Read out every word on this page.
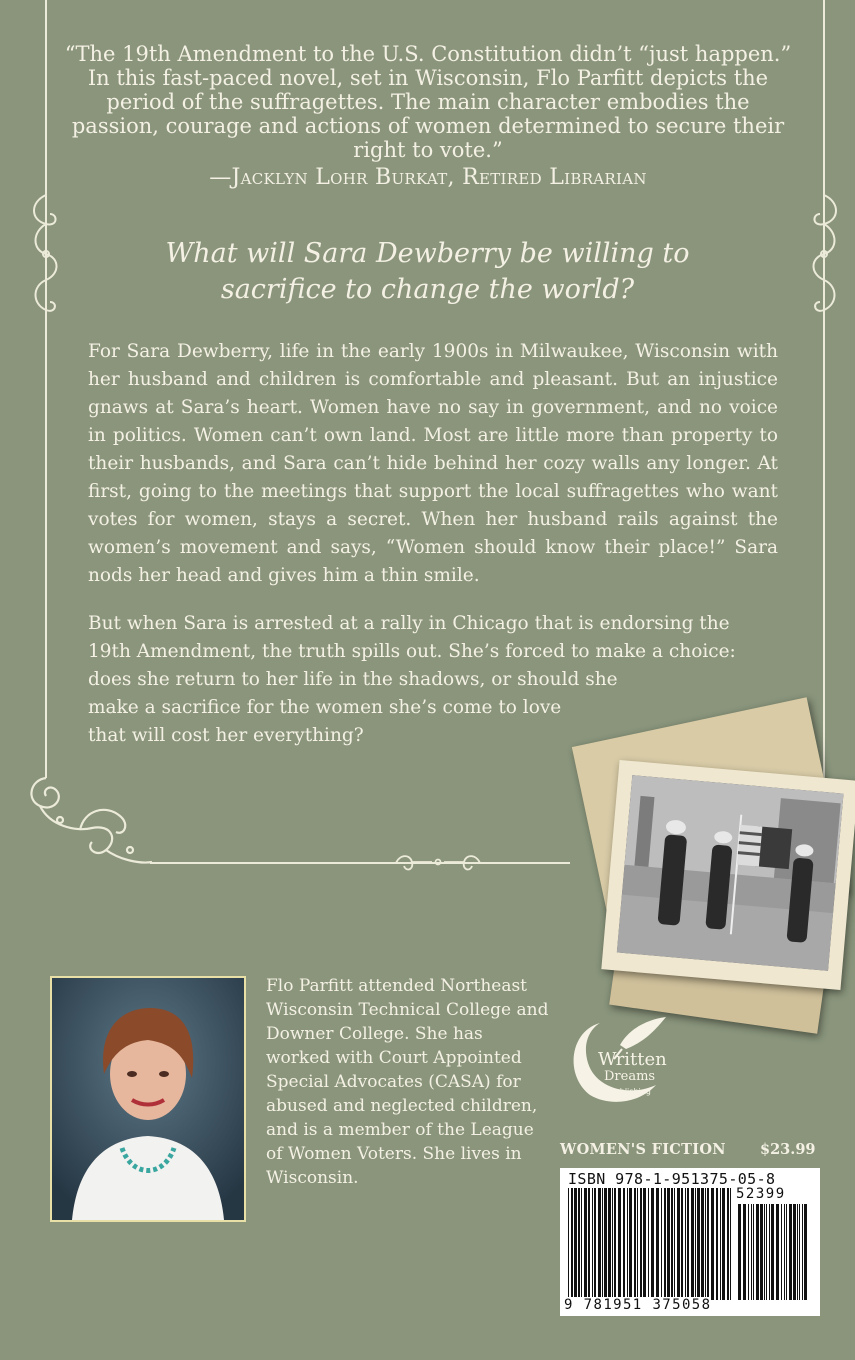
“The 19th Amendment to the U.S. Constitution didn’t “just happen.” In this fast-paced novel, set in Wisconsin, Flo Parfitt depicts the period of the suffragettes. The main character embodies the passion, courage and actions of women determined to secure their right to vote.”
—Jacklyn Lohr Burkat, Retired Librarian
What will Sara Dewberry be willing to
sacrifice to change the world?

For Sara Dewberry, life in the early 1900s in Milwaukee, Wisconsin with her husband and children is comfortable and pleasant. But an injustice gnaws at Sara’s heart. Women have no say in government, and no voice in politics. Women can’t own land. Most are little more than property to their husbands, and Sara can’t hide behind her cozy walls any longer. At first, going to the meetings that support the local suffragettes who want votes for women, stays a secret. When her husband rails against the women’s movement and says, “Women should know their place!” Sara nods her head and gives him a thin smile.

But when Sara is arrested at a rally in Chicago that is endorsing the
19th Amendment, the truth spills out. She’s forced to make a choice:
does she return to her life in the shadows, or should she
make a sacrifice for the women she’s come to love
that will cost her everything?

Flo Parfitt attended Northeast Wisconsin Technical College and Downer College. She has worked with Court Appointed Special Advocates (CASA) for abused and neglected children, and is a member of the League of Women Voters. She lives in Wisconsin.
Written
Dreams
Publishing
WOMEN'S FICTION $23.99
ISBN 978-1-951375-05-8
52399
9 781951 375058
